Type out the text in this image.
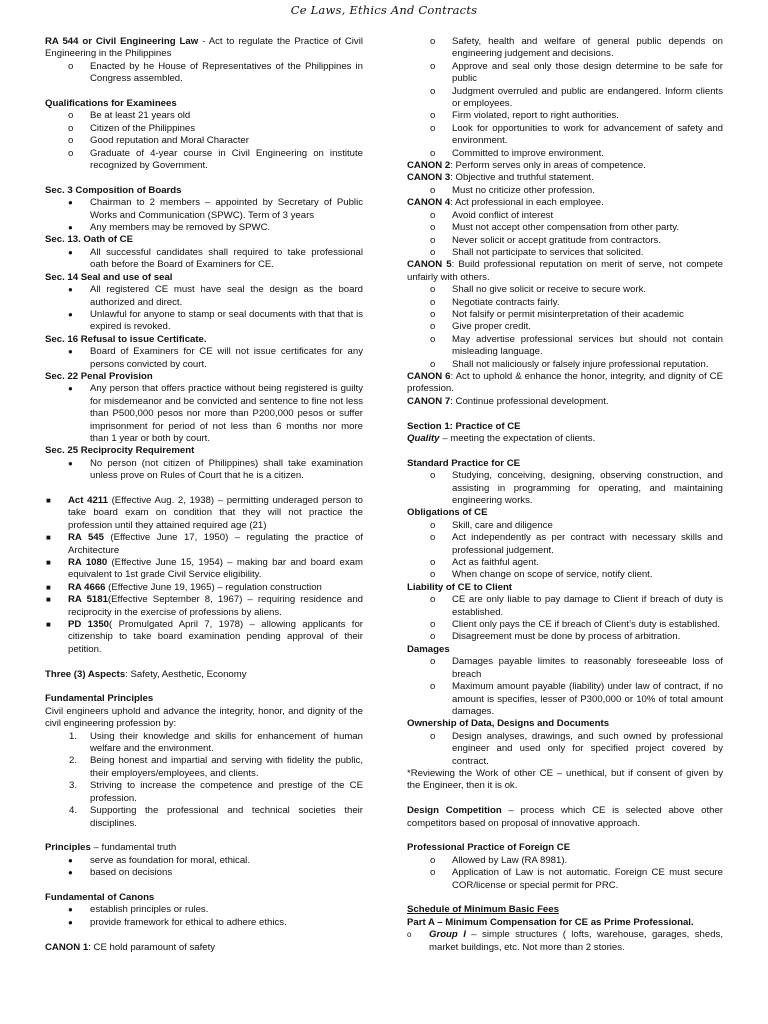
Ce Laws, Ethics And Contracts

RA 544 or Civil Engineering Law - Act to regulate the Practice of Civil Engineering in the Philippines

o Enacted by he House of Representatives of the Philippines in Congress assembled.

Qualifications for Examinees

o Be at least 21 years old
o Citizen of the Philippines
o Good reputation and Moral Character
o Graduate of 4-year course in Civil Engineering on institute recognized by Government.

Sec. 3 Composition of Boards

● Chairman to 2 members – appointed by Secretary of Public Works and Communication (SPWC). Term of 3 years
● Any members may be removed by SPWC.

Sec. 13. Oath of CE

● All successful candidates shall required to take professional oath before the Board of Examiners for CE.

Sec. 14 Seal and use of seal

● All registered CE must have seal the design as the board authorized and direct.
● Unlawful for anyone to stamp or seal documents with that that is expired is revoked.

Sec. 16 Refusal to issue Certificate.

● Board of Examiners for CE will not issue certificates for any persons convicted by court.

Sec. 22 Penal Provision

● Any person that offers practice without being registered is guilty for misdemeanor and be convicted and sentence to fine not less than P500,000 pesos nor more than P200,000 pesos or suffer imprisonment for period of not less than 6 months nor more than 1 year or both by court.

Sec. 25 Reciprocity Requirement

● No person (not citizen of Philippines) shall take examination unless prove on Rules of Court that he is a citizen.
■ Act 4211 (Effective Aug. 2, 1938) – permitting underaged person to take board exam on condition that they will not practice the profession until they attained required age (21)
■ RA 545 (Effective June 17, 1950) – regulating the practice of Architecture
■ RA 1080 (Effective June 15, 1954) – making bar and board exam equivalent to 1st grade Civil Service eligibility.
■ RA 4666 (Effective June 19, 1965) – regulation construction
■ RA 5181(Effective September 8, 1967) – requiring residence and reciprocity in the exercise of professions by aliens.
■ PD 1350( Promulgated April 7, 1978) – allowing applicants for citizenship to take board examination pending approval of their petition.

Three (3) Aspects: Safety, Aesthetic, Economy

Fundamental Principles

Civil engineers uphold and advance the integrity, honor, and dignity of the civil engineering profession by:

1. Using their knowledge and skills for enhancement of human welfare and the environment.
2. Being honest and impartial and serving with fidelity the public, their employers/employees, and clients.
3. Striving to increase the competence and prestige of the CE profession.
4. Supporting the professional and technical societies their disciplines.

Principles – fundamental truth

● serve as foundation for moral, ethical.
● based on decisions

Fundamental of Canons

● establish principles or rules.
● provide framework for ethical to adhere ethics.

CANON 1: CE hold paramount of safety

o Safety, health and welfare of general public depends on engineering judgement and decisions.
o Approve and seal only those design determine to be safe for public
o Judgment overruled and public are endangered. Inform clients or employees.
o Firm violated, report to right authorities.
o Look for opportunities to work for advancement of safety and environment.
o Committed to improve environment.

CANON 2: Perform serves only in areas of competence.

CANON 3: Objective and truthful statement.

o Must no criticize other profession.

CANON 4: Act professional in each employee.

o Avoid conflict of interest
o Must not accept other compensation from other party.
o Never solicit or accept gratitude from contractors.
o Shall not participate to services that solicited.

CANON 5: Build professional reputation on merit of serve, not compete unfairly with others.

o Shall no give solicit or receive to secure work.
o Negotiate contracts fairly.
o Not falsify or permit misinterpretation of their academic
o Give proper credit.
o May advertise professional services but should not contain misleading language.
o Shall not maliciously or falsely injure professional reputation.

CANON 6: Act to uphold & enhance the honor, integrity, and dignity of CE profession.

CANON 7: Continue professional development.

Section 1: Practice of CE

Quality – meeting the expectation of clients.

Standard Practice for CE

o Studying, conceiving, designing, observing construction, and assisting in programming for operating, and maintaining engineering works.

Obligations of CE

o Skill, care and diligence
o Act independently as per contract with necessary skills and professional judgement.
o Act as faithful agent.
o When change on scope of service, notify client.

Liability of CE to Client

o CE are only liable to pay damage to Client if breach of duty is established.
o Client only pays the CE if breach of Client’s duty is established.
o Disagreement must be done by process of arbitration.

Damages

o Damages payable limites to reasonably foreseeable loss of breach
o Maximum amount payable (liability) under law of contract, if no amount is specifies, lesser of P300,000 or 10% of total amount damages.

Ownership of Data, Designs and Documents

o Design analyses, drawings, and such owned by professional engineer and used only for specified project covered by contract.

*Reviewing the Work of other CE – unethical, but if consent of given by the Engineer, then it is ok.

Design Competition – process which CE is selected above other competitors based on proposal of innovative approach.

Professional Practice of Foreign CE

o Allowed by Law (RA 8981).
o Application of Law is not automatic. Foreign CE must secure COR/license or special permit for PRC.

Schedule of Minimum Basic Fees

Part A – Minimum Compensation for CE as Prime Professional.

o Group I – simple structures ( lofts, warehouse, garages, sheds, market buildings, etc. Not more than 2 stories.
